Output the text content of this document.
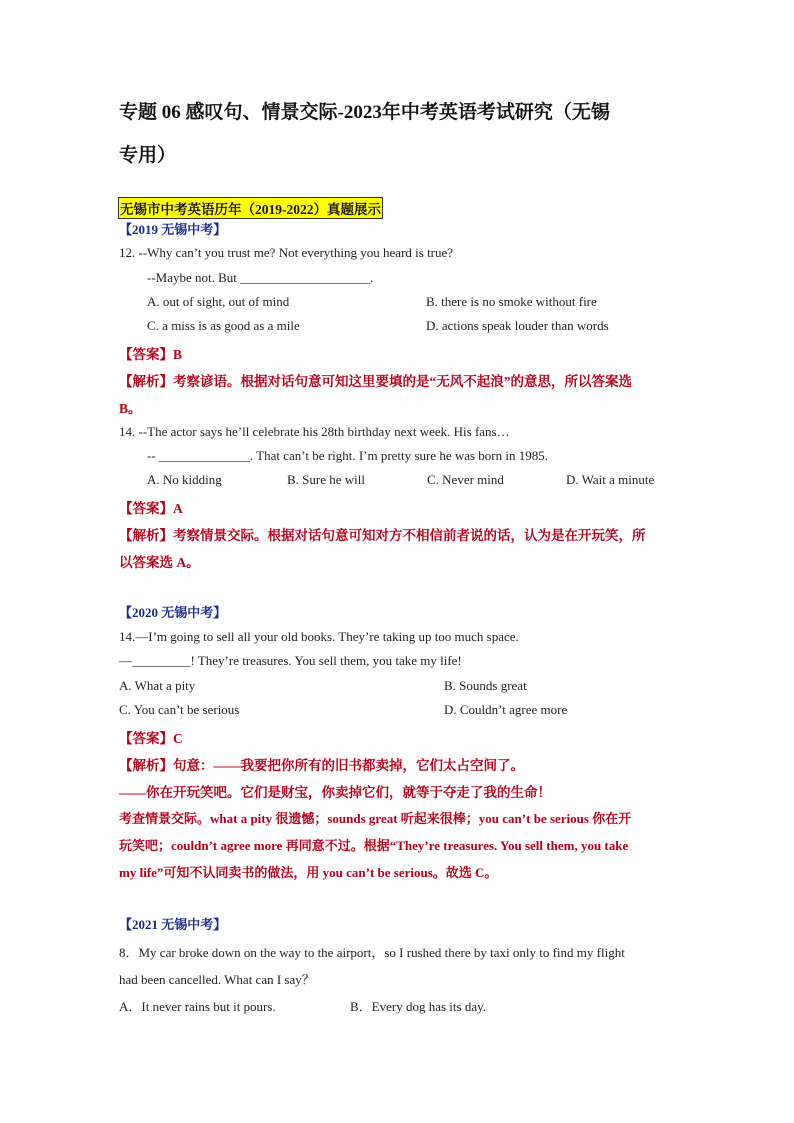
专题 06 感叹句、情景交际-2023年中考英语考试研究（无锡
专用）
无锡市中考英语历年（2019-2022）真题展示
【2019 无锡中考】
12. --Why can’t you trust me? Not everything you heard is true?
--Maybe not. But ____________________.
A. out of sight, out of mind	B. there is no smoke without fire
C. a miss is as good as a mile	D. actions speak louder than words
【答案】B
【解析】考察谚语。根据对话句意可知这里要填的是“无风不起浪”的意思，所以答案选
B。
14. --The actor says he’ll celebrate his 28th birthday next week. His fans…
-- ______________. That can’t be right. I’m pretty sure he was born in 1985.
A. No kidding	B. Sure he will	C. Never mind	D. Wait a minute
【答案】A
【解析】考察情景交际。根据对话句意可知对方不相信前者说的话，认为是在开玩笑，所
以答案选 A。
【2020 无锡中考】
14.—I’m going to sell all your old books. They’re taking up too much space.
—_________! They’re treasures. You sell them, you take my life!
A. What a pity	B. Sounds great
C. You can’t be serious	D. Couldn’t agree more
【答案】C
【解析】句意：——我要把你所有的旧书都卖掉，它们太占空间了。
——你在开玩笑吧。它们是财宝，你卖掉它们，就等于夺走了我的生命！
考查情景交际。what a pity 很遗憾；sounds great 听起来很棒；you can’t be serious 你在开
玩笑吧；couldn’t agree more 再同意不过。根据“They’re treasures. You sell them, you take
my life”可知不认同卖书的做法，用 you can’t be serious。故选 C。
【2021 无锡中考】
8．My car broke down on the way to the airport，so I rushed there by taxi only to find my flight
had been cancelled. What can I say？
A．It never rains but it pours.	B．Every dog has its day.
